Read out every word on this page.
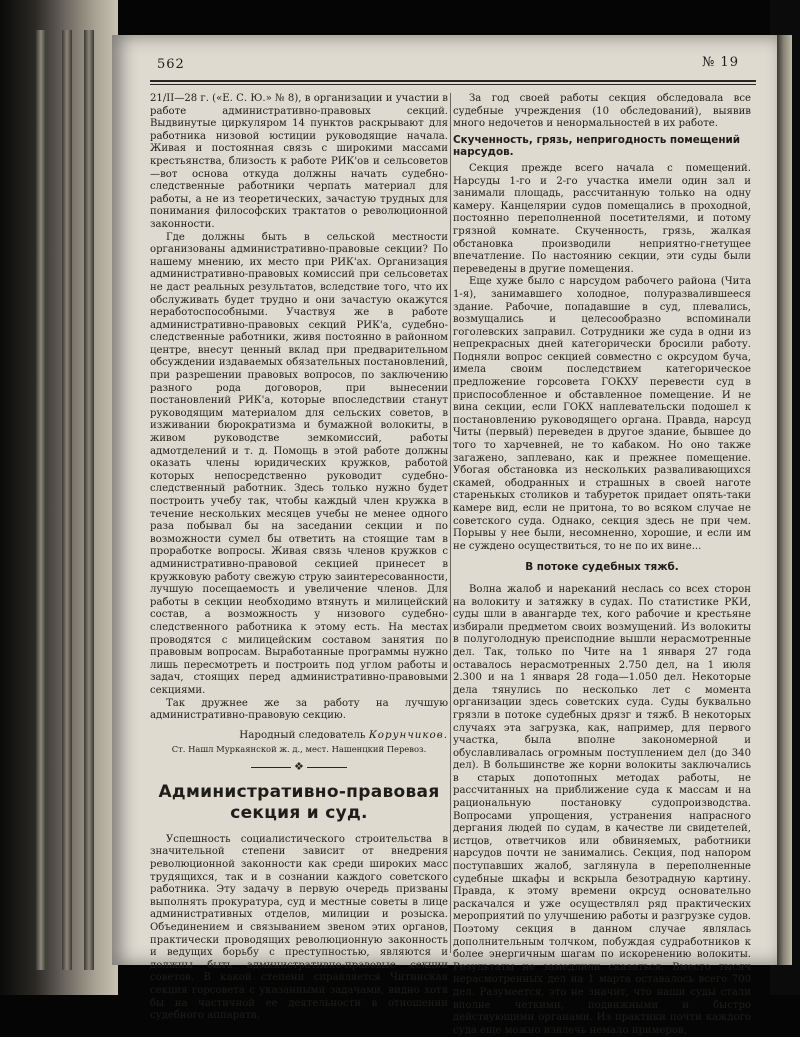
562	№ 19

21/II—28 г. («Е. С. Ю.» № 8), в организации и участии в работе административно-правовых секций. Выдвинутые циркуляром 14 пунктов раскрывают для работника низовой юстиции руководящие начала. Живая и постоянная связь с широкими массами крестьянства, близость к работе РИК'ов и сельсоветов—вот основа откуда должны начать судебно-следственные работники черпать материал для работы, а не из теоретических, зачастую трудных для понимания философских трактатов о революционной законности.

Где должны быть в сельской местности организованы административно-правовые секции? По нашему мнению, их место при РИК'ах. Организация административно-правовых комиссий при сельсоветах не даст реальных результатов, вследствие того, что их обслуживать будет трудно и они зачастую окажутся неработоспособными. Участвуя же в работе административно-правовых секций РИК'а, судебно-следственные работники, живя постоянно в районном центре, внесут ценный вклад при предварительном обсуждении издаваемых обязательных постановлений, при разрешении правовых вопросов, по заключению разного рода договоров, при вынесении постановлений РИК'а, которые впоследствии станут руководящим материалом для сельских советов, в изживании бюрократизма и бумажной волокиты, в живом руководстве земкомиссий, работы адмотделений и т. д. Помощь в этой работе должны оказать члены юридических кружков, работой которых непосредственно руководит судебно-следственный работник. Здесь только нужно будет построить учебу так, чтобы каждый член кружка в течение нескольких месяцев учебы не менее одного раза побывал бы на заседании секции и по возможности сумел бы ответить на стоящие там в проработке вопросы. Живая связь членов кружков с административно-правовой секцией принесет в кружковую работу свежую струю заинтересованности, лучшую посещаемость и увеличение членов. Для работы в секции необходимо втянуть и милицейский состав, а возможность у низового судебно-следственного работника к этому есть. На местах проводятся с милицейским составом занятия по правовым вопросам. Выработанные программы нужно лишь пересмотреть и построить под углом работы и задач, стоящих перед административно-правовыми секциями.

Так дружнее же за работу на лучшую административно-правовую секцию.

Народный следователь Корунчиков.

Ст. Нашл Муркаянской ж. д., мест. Нашенцкий Перевоз.

❖
Административно-правовая секция и суд.

Успешность социалистического строительства в значительной степени зависит от внедрения революционной законности как среди широких масс трудящихся, так и в сознании каждого советского работника. Эту задачу в первую очередь призваны выполнять прокуратура, суд и местные советы в лице административных отделов, милиции и розыска. Объединением и связыванием звеном этих органов, практически проводящих революционную законность и ведущих борьбу с преступностью, являются и должны быть административно-правовые секции советов. В какой степени справляется Читинская секция горсовета с указанными задачами, видно хотя бы на частичной ее деятельности в отношении судебного аппарата.

За год своей работы секция обследовала все судебные учреждения (10 обследований), выявив много недочетов и ненормальностей в их работе.

Скученность, грязь, непригодность помещений нарсудов.

Секция прежде всего начала с помещений. Нарсуды 1-го и 2-го участка имели один зал и занимали площадь, рассчитанную только на одну камеру. Канцелярии судов помещались в проходной, постоянно переполненной посетителями, и потому грязной комнате. Скученность, грязь, жалкая обстановка производили неприятно-гнетущее впечатление. По настоянию секции, эти суды были переведены в другие помещения.

Еще хуже было с нарсудом рабочего района (Чита 1-я), занимавшего холодное, полуразвалившееся здание. Рабочие, попадавшие в суд, плевались, возмущались и целесообразно вспоминали гоголевских заправил. Сотрудники же суда в одни из непрекрасных дней категорически бросили работу. Подняли вопрос секцией совместно с окрсудом буча, имела своим последствием категорическое предложение горсовета ГОКХУ перевести суд в приспособленное и обставленное помещение. И не вина секции, если ГОКХ наплевательски подошел к постановлению руководящего органа. Правда, нарсуд Читы (первый) переведен в другое здание, бывшее до того то харчевней, не то кабаком. Но оно также загажено, заплевано, как и прежнее помещение. Убогая обстановка из нескольких разваливающихся скамей, ободранных и страшных в своей наготе старенькых столиков и табуреток придает опять-таки камере вид, если не притона, то во всяком случае не советского суда. Однако, секция здесь не при чем. Порывы у нее были, несомненно, хорошие, и если им не суждено осуществиться, то не по их вине...

В потоке судебных тяжб.

Волна жалоб и нареканий неслась со всех сторон на волокиту и затяжку в судах. По статистике РКИ, суды шли в авангарде тех, кого рабочие и крестьяне избирали предметом своих возмущений. Из волокиты в полуголодную преисподние вышли нерасмотренные дел. Так, только по Чите на 1 января 27 года оставалось нерасмотренных 2.750 дел, на 1 июля 2.300 и на 1 января 28 года—1.050 дел. Некоторые дела тянулись по несколько лет с момента организации здесь советских суда. Суды буквально грязли в потоке судебных дрязг и тяжб. В некоторых случаях эта загрузка, как, например, для первого участка, была вполне закономерной и обуславливалась огромным поступлением дел (до 340 дел). В большинстве же корни волокиты заключались в старых допотопных методах работы, не рассчитанных на приближение суда к массам и на рациональную постановку судопроизводства. Вопросами упрощения, устранения напрасного дергания людей по судам, в качестве ли свидетелей, истцов, ответчиков или обвиняемых, работники нарсудов почти не занимались. Секция, под напором поступавших жалоб, заглянула в переполненные судебные шкафы и вскрыла безотрадную картину. Правда, к этому времени окрсуд основательно раскачался и уже осуществлял ряд практических мероприятий по улучшению работы и разгрузке судов. Поэтому секция в данном случае являлась дополнительным толчком, побуждая судработников к более энергичным шагам по искоренению волокиты. Результаты не замедлили сказаться. Вместо тысяч нерасмотренных дел на 1 марта оставалось всего 700 дел. Разумеется, это не значит, что наши суды стали вполне четкими, подвижными и быстро действующими органами. Из практики почти каждого суда еще можно извлечь немало примеров,
